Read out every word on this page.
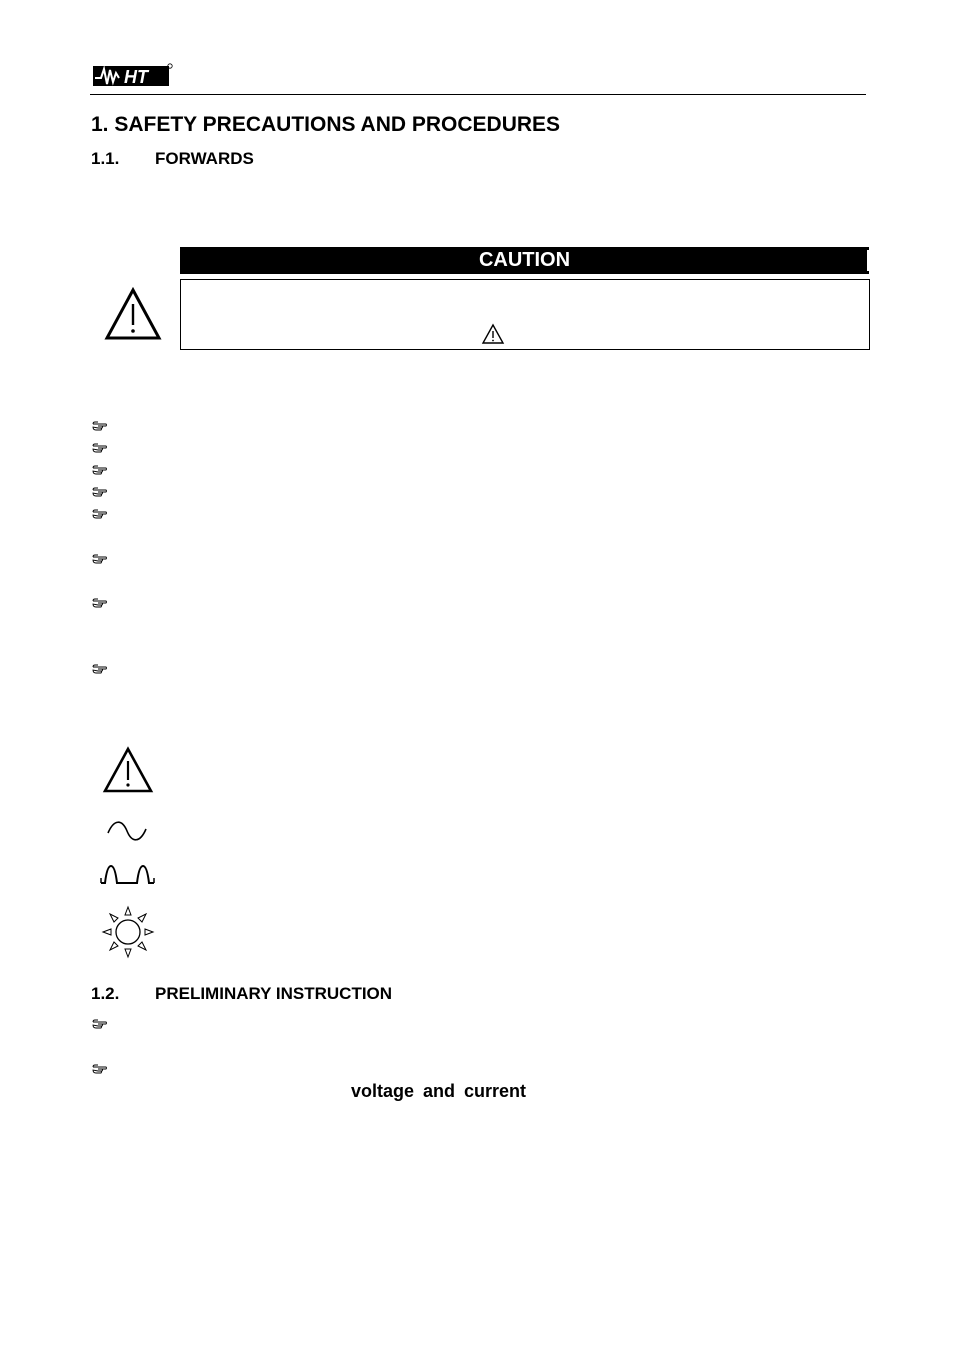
HT
1. SAFETY PRECAUTIONS AND PROCEDURES
1.1. FORWARDS
CAUTION
1.2. PRELIMINARY INSTRUCTION
voltage and current
